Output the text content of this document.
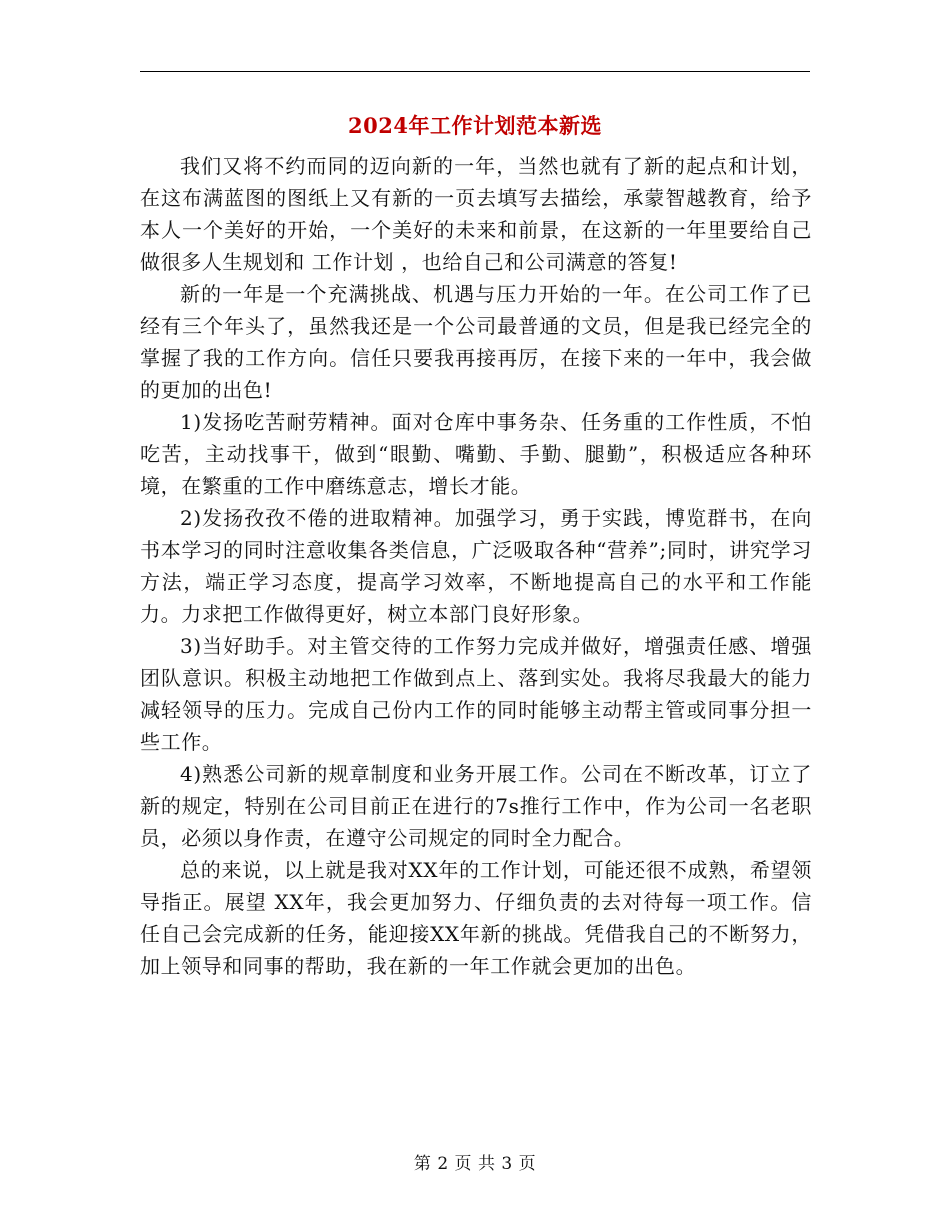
2024年工作计划范本新选

我们又将不约而同的迈向新的一年，当然也就有了新的起点和计划，在这布满蓝图的图纸上又有新的一页去填写去描绘，承蒙智越教育，给予本人一个美好的开始，一个美好的未来和前景，在这新的一年里要给自己做很多人生规划和 工作计划 ，也给自己和公司满意的答复!

新的一年是一个充满挑战、机遇与压力开始的一年。在公司工作了已经有三个年头了，虽然我还是一个公司最普通的文员，但是我已经完全的掌握了我的工作方向。信任只要我再接再厉，在接下来的一年中，我会做的更加的出色!

1)发扬吃苦耐劳精神。面对仓库中事务杂、任务重的工作性质，不怕吃苦，主动找事干，做到“眼勤、嘴勤、手勤、腿勤”，积极适应各种环境，在繁重的工作中磨练意志，增长才能。

2)发扬孜孜不倦的进取精神。加强学习，勇于实践，博览群书，在向书本学习的同时注意收集各类信息，广泛吸取各种“营养”;同时，讲究学习方法，端正学习态度，提高学习效率，不断地提高自己的水平和工作能力。力求把工作做得更好，树立本部门良好形象。

3)当好助手。对主管交待的工作努力完成并做好，增强责任感、增强团队意识。积极主动地把工作做到点上、落到实处。我将尽我最大的能力减轻领导的压力。完成自己份内工作的同时能够主动帮主管或同事分担一些工作。

4)熟悉公司新的规章制度和业务开展工作。公司在不断改革，订立了新的规定，特别在公司目前正在进行的7s推行工作中，作为公司一名老职员，必须以身作责，在遵守公司规定的同时全力配合。

总的来说，以上就是我对XX年的工作计划，可能还很不成熟，希望领导指正。展望 XX年，我会更加努力、仔细负责的去对待每一项工作。信任自己会完成新的任务，能迎接XX年新的挑战。凭借我自己的不断努力，加上领导和同事的帮助，我在新的一年工作就会更加的出色。

第 2 页 共 3 页
